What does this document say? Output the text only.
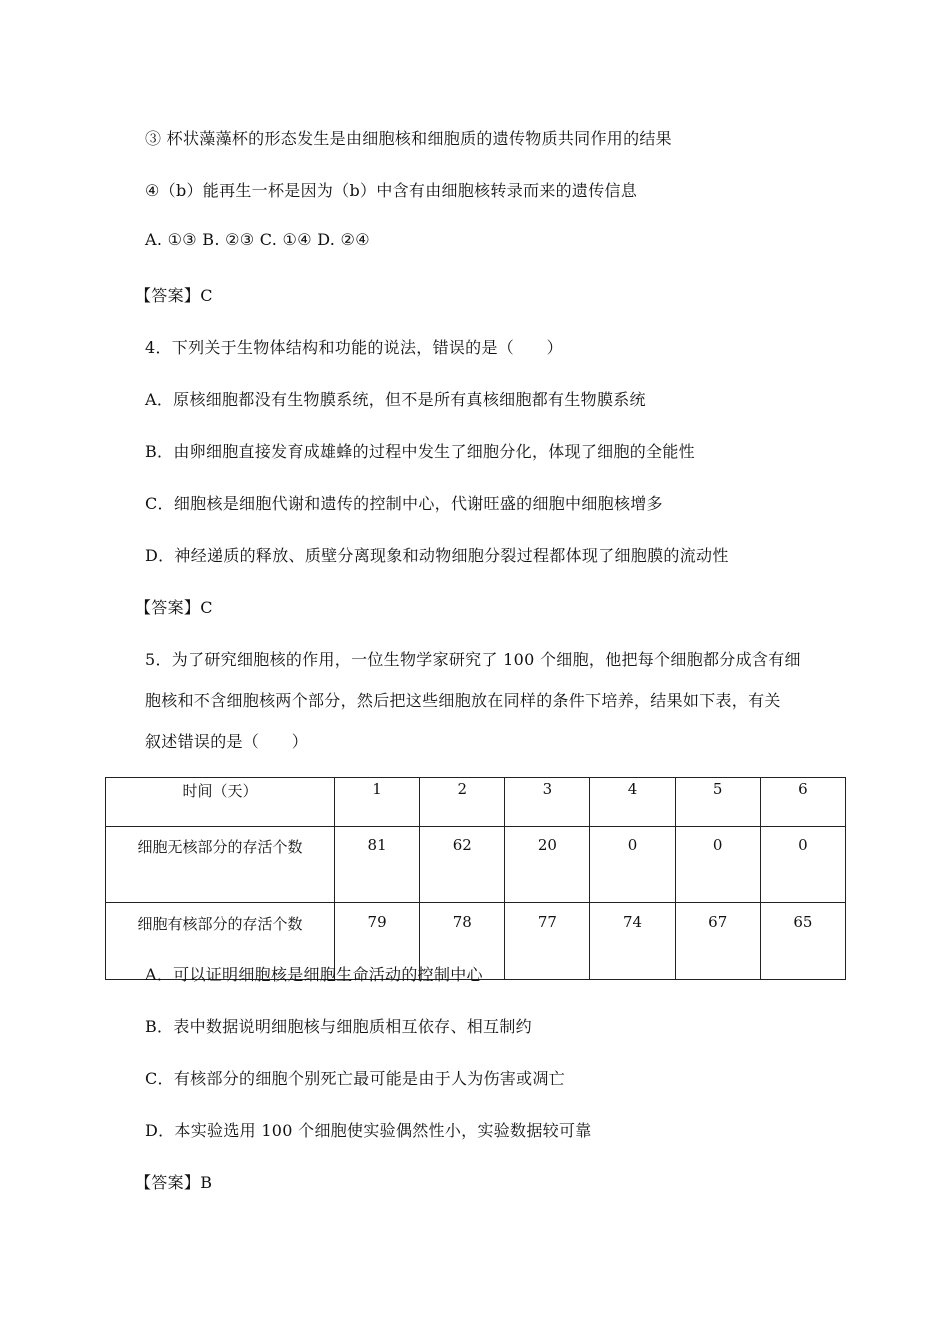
③ 杯状藻藻杯的形态发生是由细胞核和细胞质的遗传物质共同作用的结果
④（b）能再生一杯是因为（b）中含有由细胞核转录而来的遗传信息
A. ①③ B. ②③ C. ①④ D. ②④
【答案】C
4．下列关于生物体结构和功能的说法，错误的是（　　）
A．原核细胞都没有生物膜系统，但不是所有真核细胞都有生物膜系统
B．由卵细胞直接发育成雄蜂的过程中发生了细胞分化，体现了细胞的全能性
C．细胞核是细胞代谢和遗传的控制中心，代谢旺盛的细胞中细胞核增多
D．神经递质的释放、质壁分离现象和动物细胞分裂过程都体现了细胞膜的流动性
【答案】C
5．为了研究细胞核的作用，一位生物学家研究了 100 个细胞，他把每个细胞都分成含有细
胞核和不含细胞核两个部分，然后把这些细胞放在同样的条件下培养，结果如下表，有关
叙述错误的是（　　）
时间（天）	1	2	3	4	5	6
细胞无核部分的存活个数	81	62	20	0	0	0
细胞有核部分的存活个数	79	78	77	74	67	65
A．可以证明细胞核是细胞生命活动的控制中心
B．表中数据说明细胞核与细胞质相互依存、相互制约
C．有核部分的细胞个别死亡最可能是由于人为伤害或凋亡
D．本实验选用 100 个细胞使实验偶然性小，实验数据较可靠
【答案】B
